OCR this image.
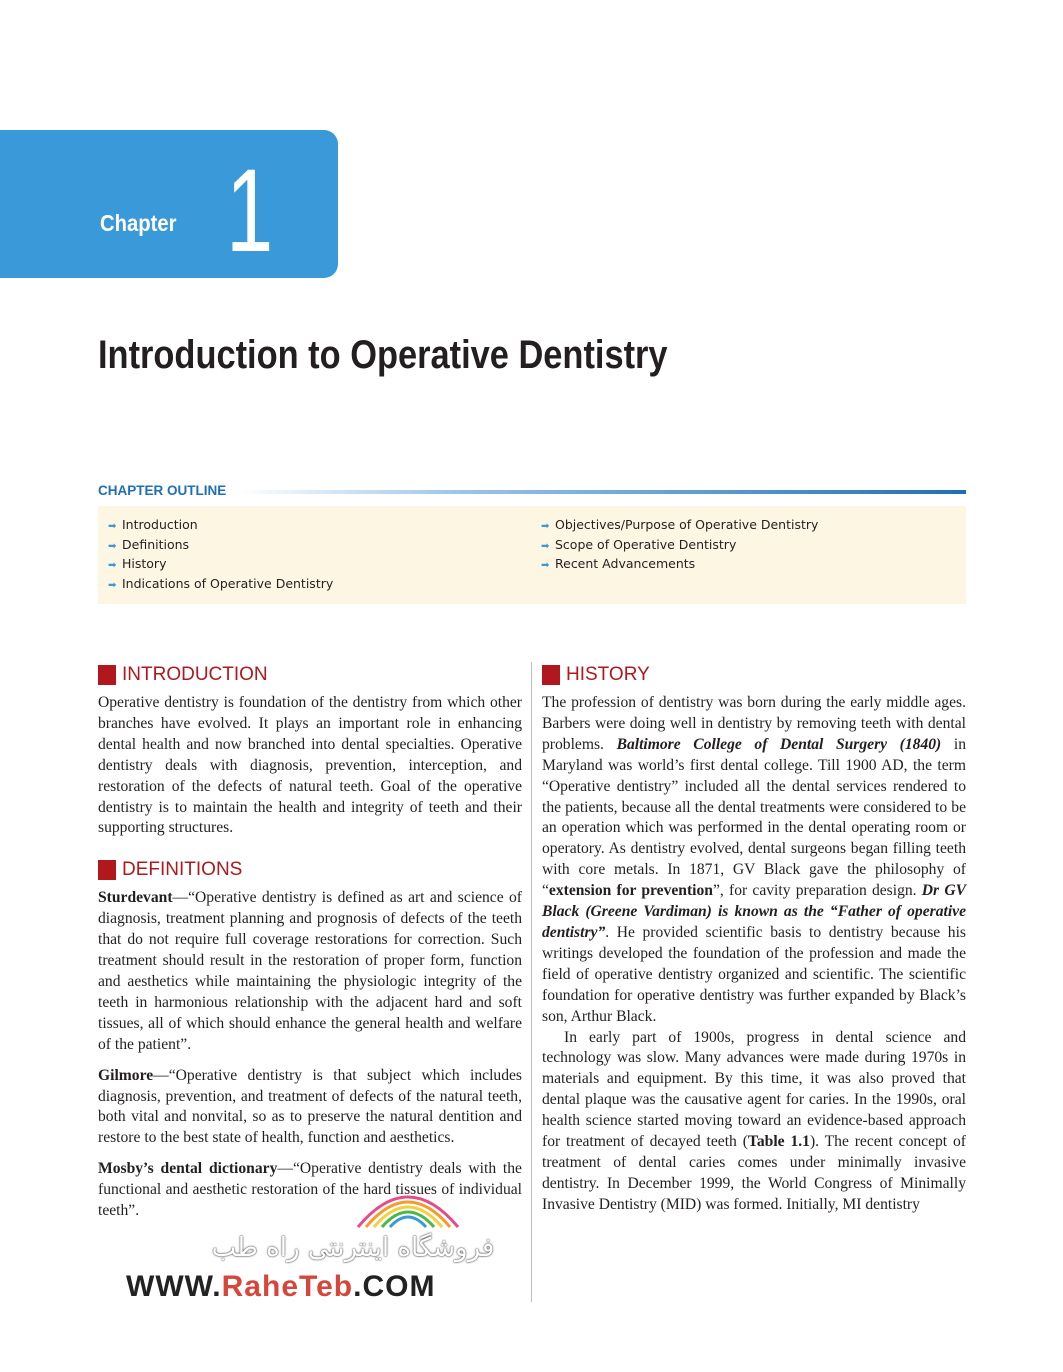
Chapter 1
Introduction to Operative Dentistry
CHAPTER OUTLINE
➡ Introduction
➡ Definitions
➡ History
➡ Indications of Operative Dentistry
➡ Objectives/Purpose of Operative Dentistry
➡ Scope of Operative Dentistry
➡ Recent Advancements
INTRODUCTION

Operative dentistry is foundation of the dentistry from which other branches have evolved. It plays an important role in enhancing dental health and now branched into dental specialties. Operative dentistry deals with diagnosis, prevention, interception, and restoration of the defects of natural teeth. Goal of the operative dentistry is to maintain the health and integrity of teeth and their supporting structures.

DEFINITIONS

Sturdevant—“Operative dentistry is defined as art and science of diagnosis, treatment planning and prognosis of defects of the teeth that do not require full coverage restorations for correction. Such treatment should result in the restoration of proper form, function and aesthetics while maintaining the physiologic integrity of the teeth in harmonious relationship with the adjacent hard and soft tissues, all of which should enhance the general health and welfare of the patient”.

Gilmore—“Operative dentistry is that subject which includes diagnosis, prevention, and treatment of defects of the natural teeth, both vital and nonvital, so as to preserve the natural dentition and restore to the best state of health, function and aesthetics.

Mosby’s dental dictionary—“Operative dentistry deals with the functional and aesthetic restoration of the hard tissues of individual teeth”.

HISTORY

The profession of dentistry was born during the early middle ages. Barbers were doing well in dentistry by removing teeth with dental problems. Baltimore College of Dental Surgery (1840) in Maryland was world’s first dental college. Till 1900 AD, the term “Operative dentistry” included all the dental services rendered to the patients, because all the dental treatments were considered to be an operation which was performed in the dental operating room or operatory. As dentistry evolved, dental surgeons began filling teeth with core metals. In 1871, GV Black gave the philosophy of “extension for prevention”, for cavity preparation design. Dr GV Black (Greene Vardiman) is known as the “Father of operative dentistry”. He provided scientific basis to dentistry because his writings developed the foundation of the profession and made the field of operative dentistry organized and scientific. The scientific foundation for operative dentistry was further expanded by Black’s son, Arthur Black.

In early part of 1900s, progress in dental science and technology was slow. Many advances were made during 1970s in materials and equipment. By this time, it was also proved that dental plaque was the causative agent for caries. In the 1990s, oral health science started moving toward an evidence-based approach for treatment of decayed teeth (Table 1.1). The recent concept of treatment of dental caries comes under minimally invasive dentistry. In December 1999, the World Congress of Minimally Invasive Dentistry (MID) was formed. Initially, MI dentistry

فروشگاه اینترنتی راه طب
WWW.RaheTeb.COM
